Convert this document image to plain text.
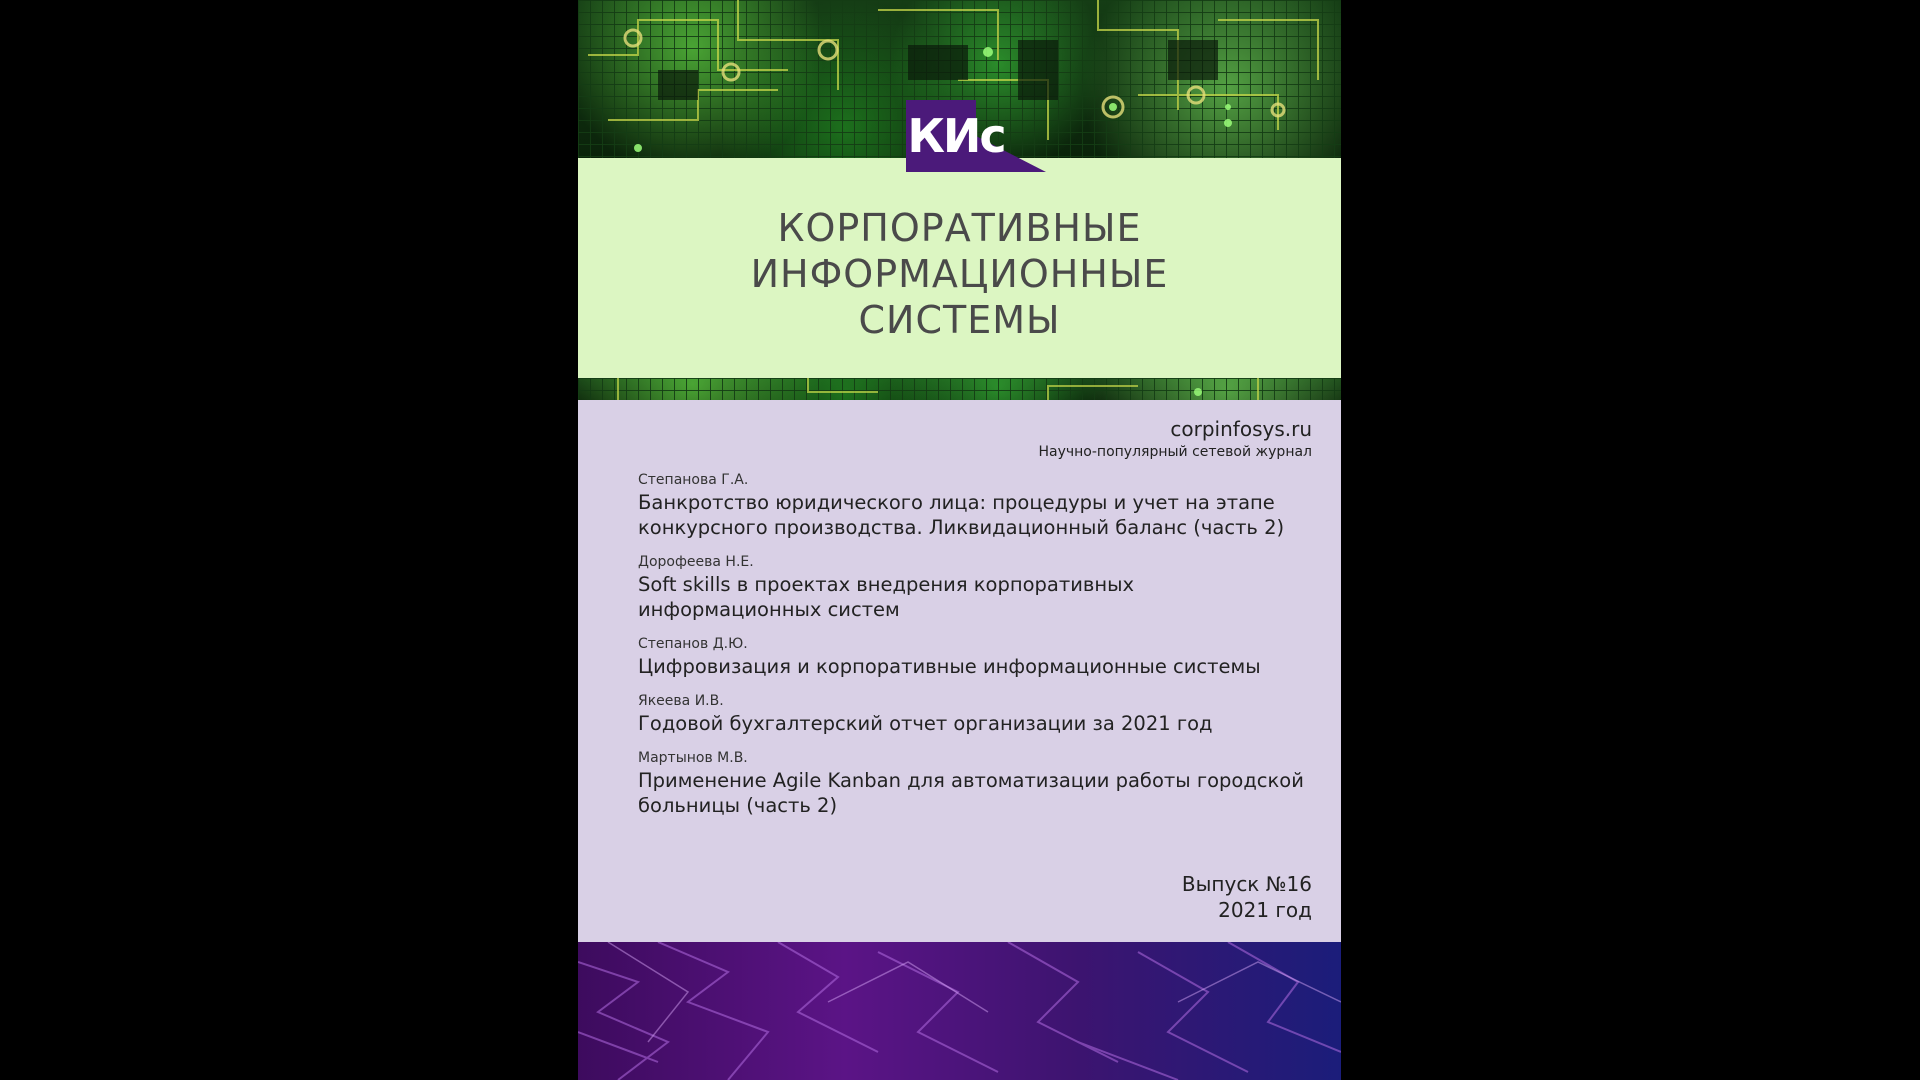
КИс
КОРПОРАТИВНЫЕ
ИНФОРМАЦИОННЫЕ
СИСТЕМЫ
corpinfosys.ru
Научно-популярный сетевой журнал
Степанова Г.А.
Банкротство юридического лица: процедуры и учет на этапе конкурсного производства. Ликвидационный баланс (часть 2)
Дорофеева Н.Е.
Soft skills в проектах внедрения корпоративных информационных систем
Степанов Д.Ю.
Цифровизация и корпоративные информационные системы
Якеева И.В.
Годовой бухгалтерский отчет организации за 2021 год
Мартынов М.В.
Применение Agile Kanban для автоматизации работы городской больницы (часть 2)
Выпуск №16
2021 год
